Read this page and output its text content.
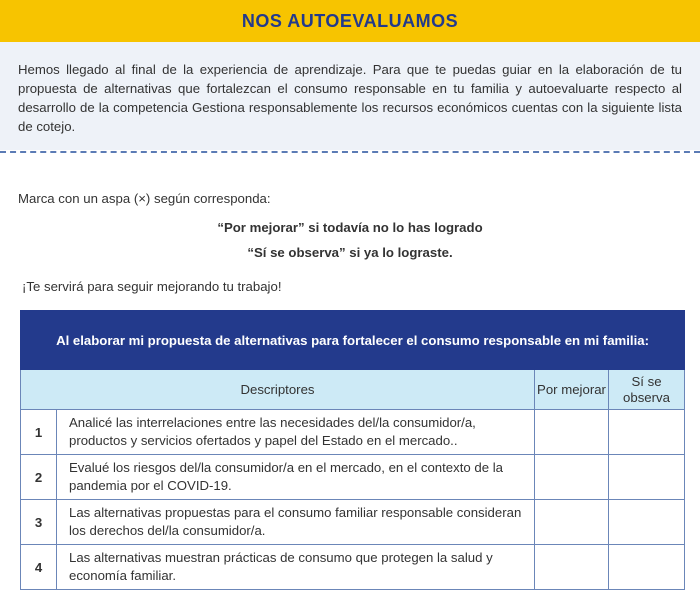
NOS AUTOEVALUAMOS

Hemos llegado al final de la experiencia de aprendizaje. Para que te puedas guiar en la elaboración de tu propuesta de alternativas que fortalezcan el consumo responsable en tu familia y autoevaluarte respecto al desarrollo de la competencia Gestiona responsablemente los recursos económicos cuentas con la siguiente lista de cotejo.

Marca con un aspa (×) según corresponda:
“Por mejorar” si todavía no lo has logrado
“Sí se observa” si ya lo lograste.
¡Te servirá para seguir mejorando tu trabajo!
Al elaborar mi propuesta de alternativas para fortalecer el consumo responsable en mi familia:			
Descriptores		Por mejorar	Sí se observa
1	Analicé las interrelaciones entre las necesidades del/la consumidor/a, productos y servicios ofertados y papel del Estado en el mercado..		
2	Evalué los riesgos del/la consumidor/a en el mercado, en el contexto de la pandemia por el COVID-19.		
3	Las alternativas propuestas para el consumo familiar responsable consideran los derechos del/la consumidor/a.		
4	Las alternativas muestran prácticas de consumo que protegen la salud y economía familiar.		
